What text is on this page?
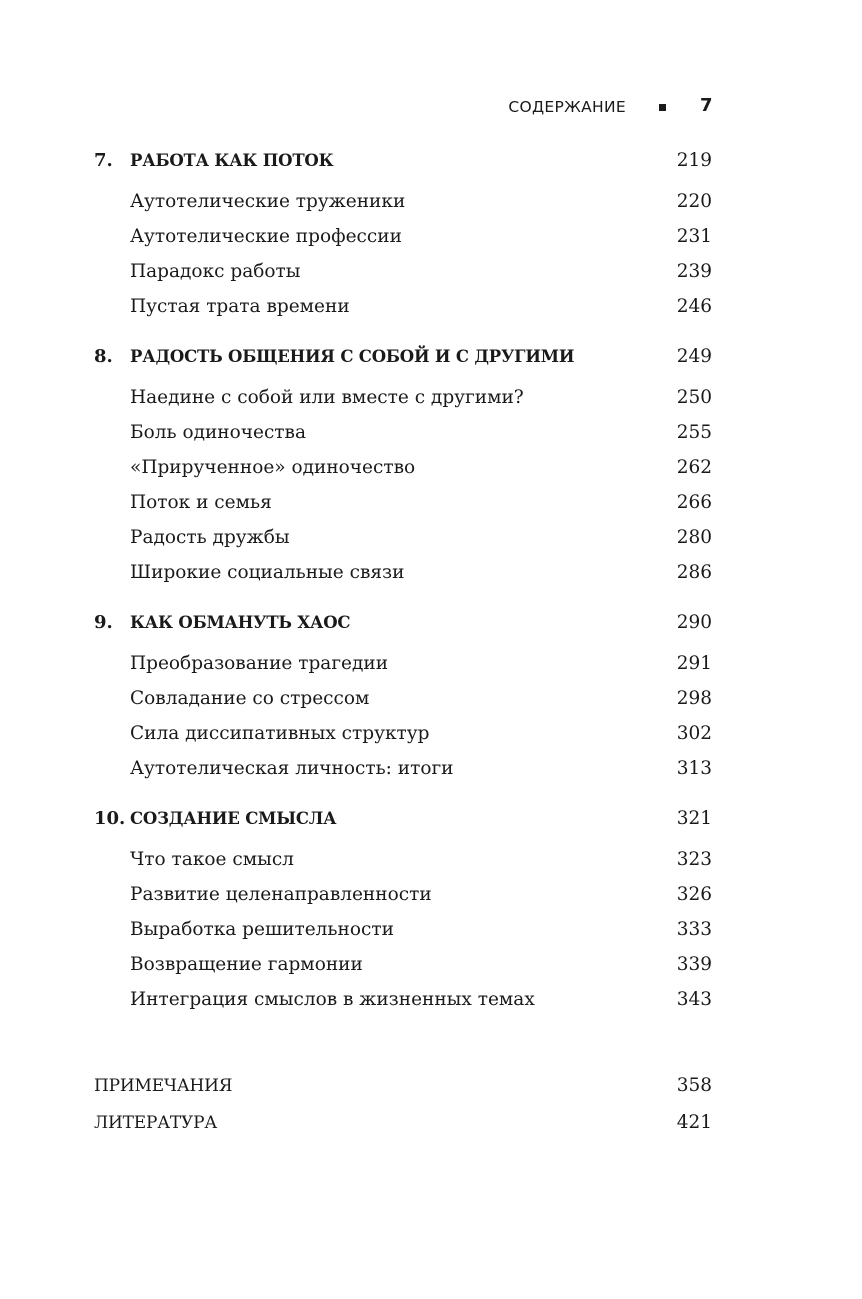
СОДЕРЖАНИЕ	7
7. РАБОТА КАК ПОТОК	219
Аутотелические труженики	220
Аутотелические профессии	231
Парадокс работы	239
Пустая трата времени	246
8. РАДОСТЬ ОБЩЕНИЯ С СОБОЙ И С ДРУГИМИ	249
Наедине с собой или вместе с другими?	250
Боль одиночества	255
«Прирученное» одиночество	262
Поток и семья	266
Радость дружбы	280
Широкие социальные связи	286
9. КАК ОБМАНУТЬ ХАОС	290
Преобразование трагедии	291
Совладание со стрессом	298
Сила диссипативных структур	302
Аутотелическая личность: итоги	313
10. СОЗДАНИЕ СМЫСЛА	321
Что такое смысл	323
Развитие целенаправленности	326
Выработка решительности	333
Возвращение гармонии	339
Интеграция смыслов в жизненных темах	343
ПРИМЕЧАНИЯ	358
ЛИТЕРАТУРА	421
